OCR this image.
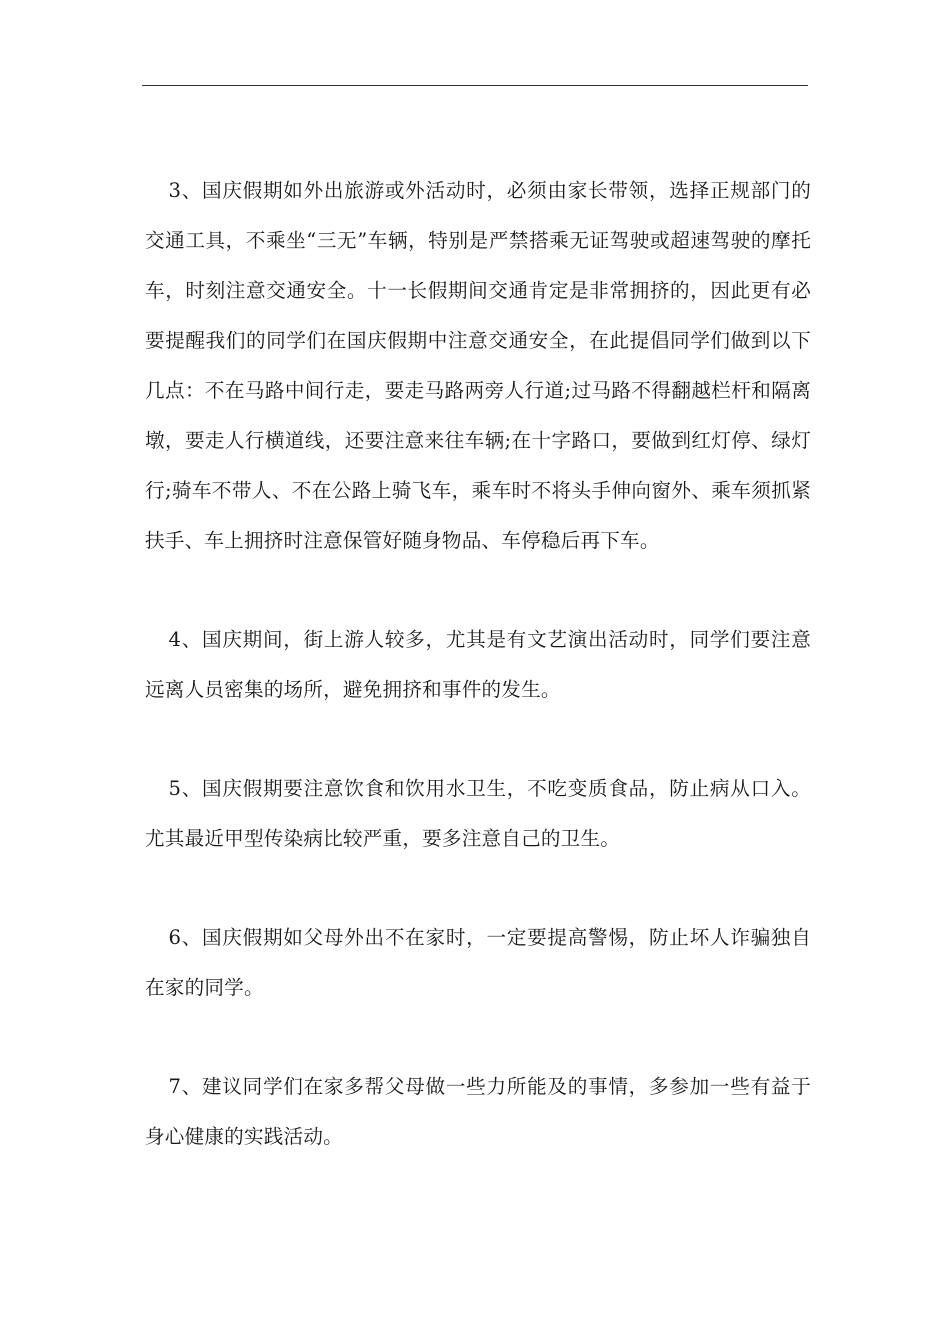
3、国庆假期如外出旅游或外活动时，必须由家长带领，选择正规部门的交通工具，不乘坐“三无”车辆，特别是严禁搭乘无证驾驶或超速驾驶的摩托车，时刻注意交通安全。十一长假期间交通肯定是非常拥挤的，因此更有必要提醒我们的同学们在国庆假期中注意交通安全，在此提倡同学们做到以下几点：不在马路中间行走，要走马路两旁人行道;过马路不得翻越栏杆和隔离墩，要走人行横道线，还要注意来往车辆;在十字路口，要做到红灯停、绿灯行;骑车不带人、不在公路上骑飞车，乘车时不将头手伸向窗外、乘车须抓紧扶手、车上拥挤时注意保管好随身物品、车停稳后再下车。

4、国庆期间，街上游人较多，尤其是有文艺演出活动时，同学们要注意远离人员密集的场所，避免拥挤和事件的发生。

5、国庆假期要注意饮食和饮用水卫生，不吃变质食品，防止病从口入。尤其最近甲型传染病比较严重，要多注意自己的卫生。

6、国庆假期如父母外出不在家时，一定要提高警惕，防止坏人诈骗独自在家的同学。

7、建议同学们在家多帮父母做一些力所能及的事情，多参加一些有益于身心健康的实践活动。
